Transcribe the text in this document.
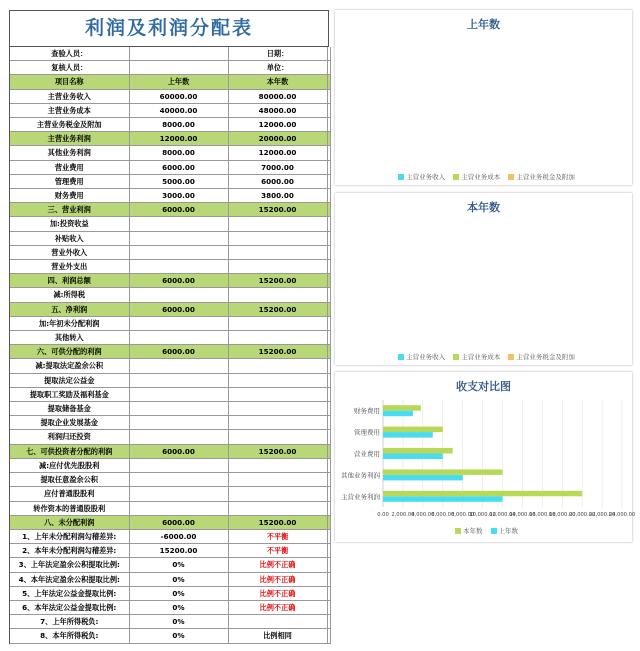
利润及利润分配表
查验人员：		日期：	
复核人员：		单位：	
项目名称	上年数	本年数	
主营业务收入	60000.00	80000.00	
主营业务成本	40000.00	48000.00	
主营业务税金及附加	8000.00	12000.00	
主营业务利润	12000.00	20000.00	
其他业务利润	8000.00	12000.00	
营业费用	6000.00	7000.00	
管理费用	5000.00	6000.00	
财务费用	3000.00	3800.00	
三、营业利润	6000.00	15200.00	
加:投资收益			
补贴收入			
营业外收入			
营业外支出			
四、利润总额	6000.00	15200.00	
减:所得税			
五、净利润	6000.00	15200.00	
加:年初未分配利润			
其他转入			
六、可供分配的利润	6000.00	15200.00	
减:提取法定盈余公积			
提取法定公益金			
提取职工奖励及福利基金			
提取储备基金			
提取企业发展基金			
利润归还投资			
七、可供投资者分配的利润	6000.00	15200.00	
减:应付优先股股利			
提取任意盈余公积			
应付普通股股利			
转作资本的普通股股利			
八、未分配利润	6000.00	15200.00	
1、上年未分配利润勾稽差异:	-6000.00	不平衡	
2、本年未分配利润勾稽差异:	15200.00	不平衡	
3、上年法定盈余公积提取比例:	0%	比例不正确	
4、本年法定盈余公积提取比例:	0%	比例不正确	
5、上年法定公益金提取比例:	0%	比例不正确	
6、本年法定公益金提取比例:	0%	比例不正确	
7、上年所得税负:	0%		
8、本年所得税负:	0%	比例相同	
上年数
主营业务收入 主营业务成本 主营业务税金及附加
本年数
主营业务收入 主营业务成本 主营业务税金及附加
收支对比图
0.00 2,000.00
4,000.00
6,000.00
8,000.00
10,000.00
12,000.00
14,000.00
16,000.00
18,000.00
20,000.00
22,000.00
24,000.00
主营业务利润
其他业务利润
营业费用
管理费用
财务费用
本年数 上年数
